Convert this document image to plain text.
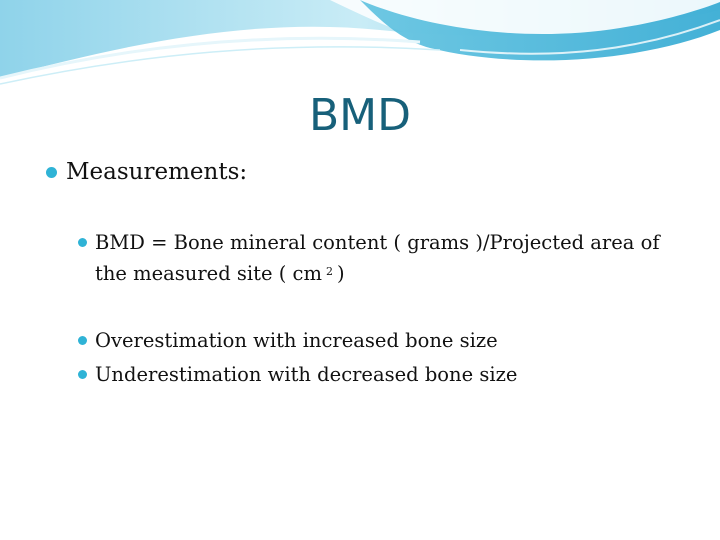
BMD
Measurements:
BMD = Bone mineral content ( grams )/Projected area of the measured site ( cm $^2$ )
Overestimation with increased bone size
Underestimation with decreased bone size
